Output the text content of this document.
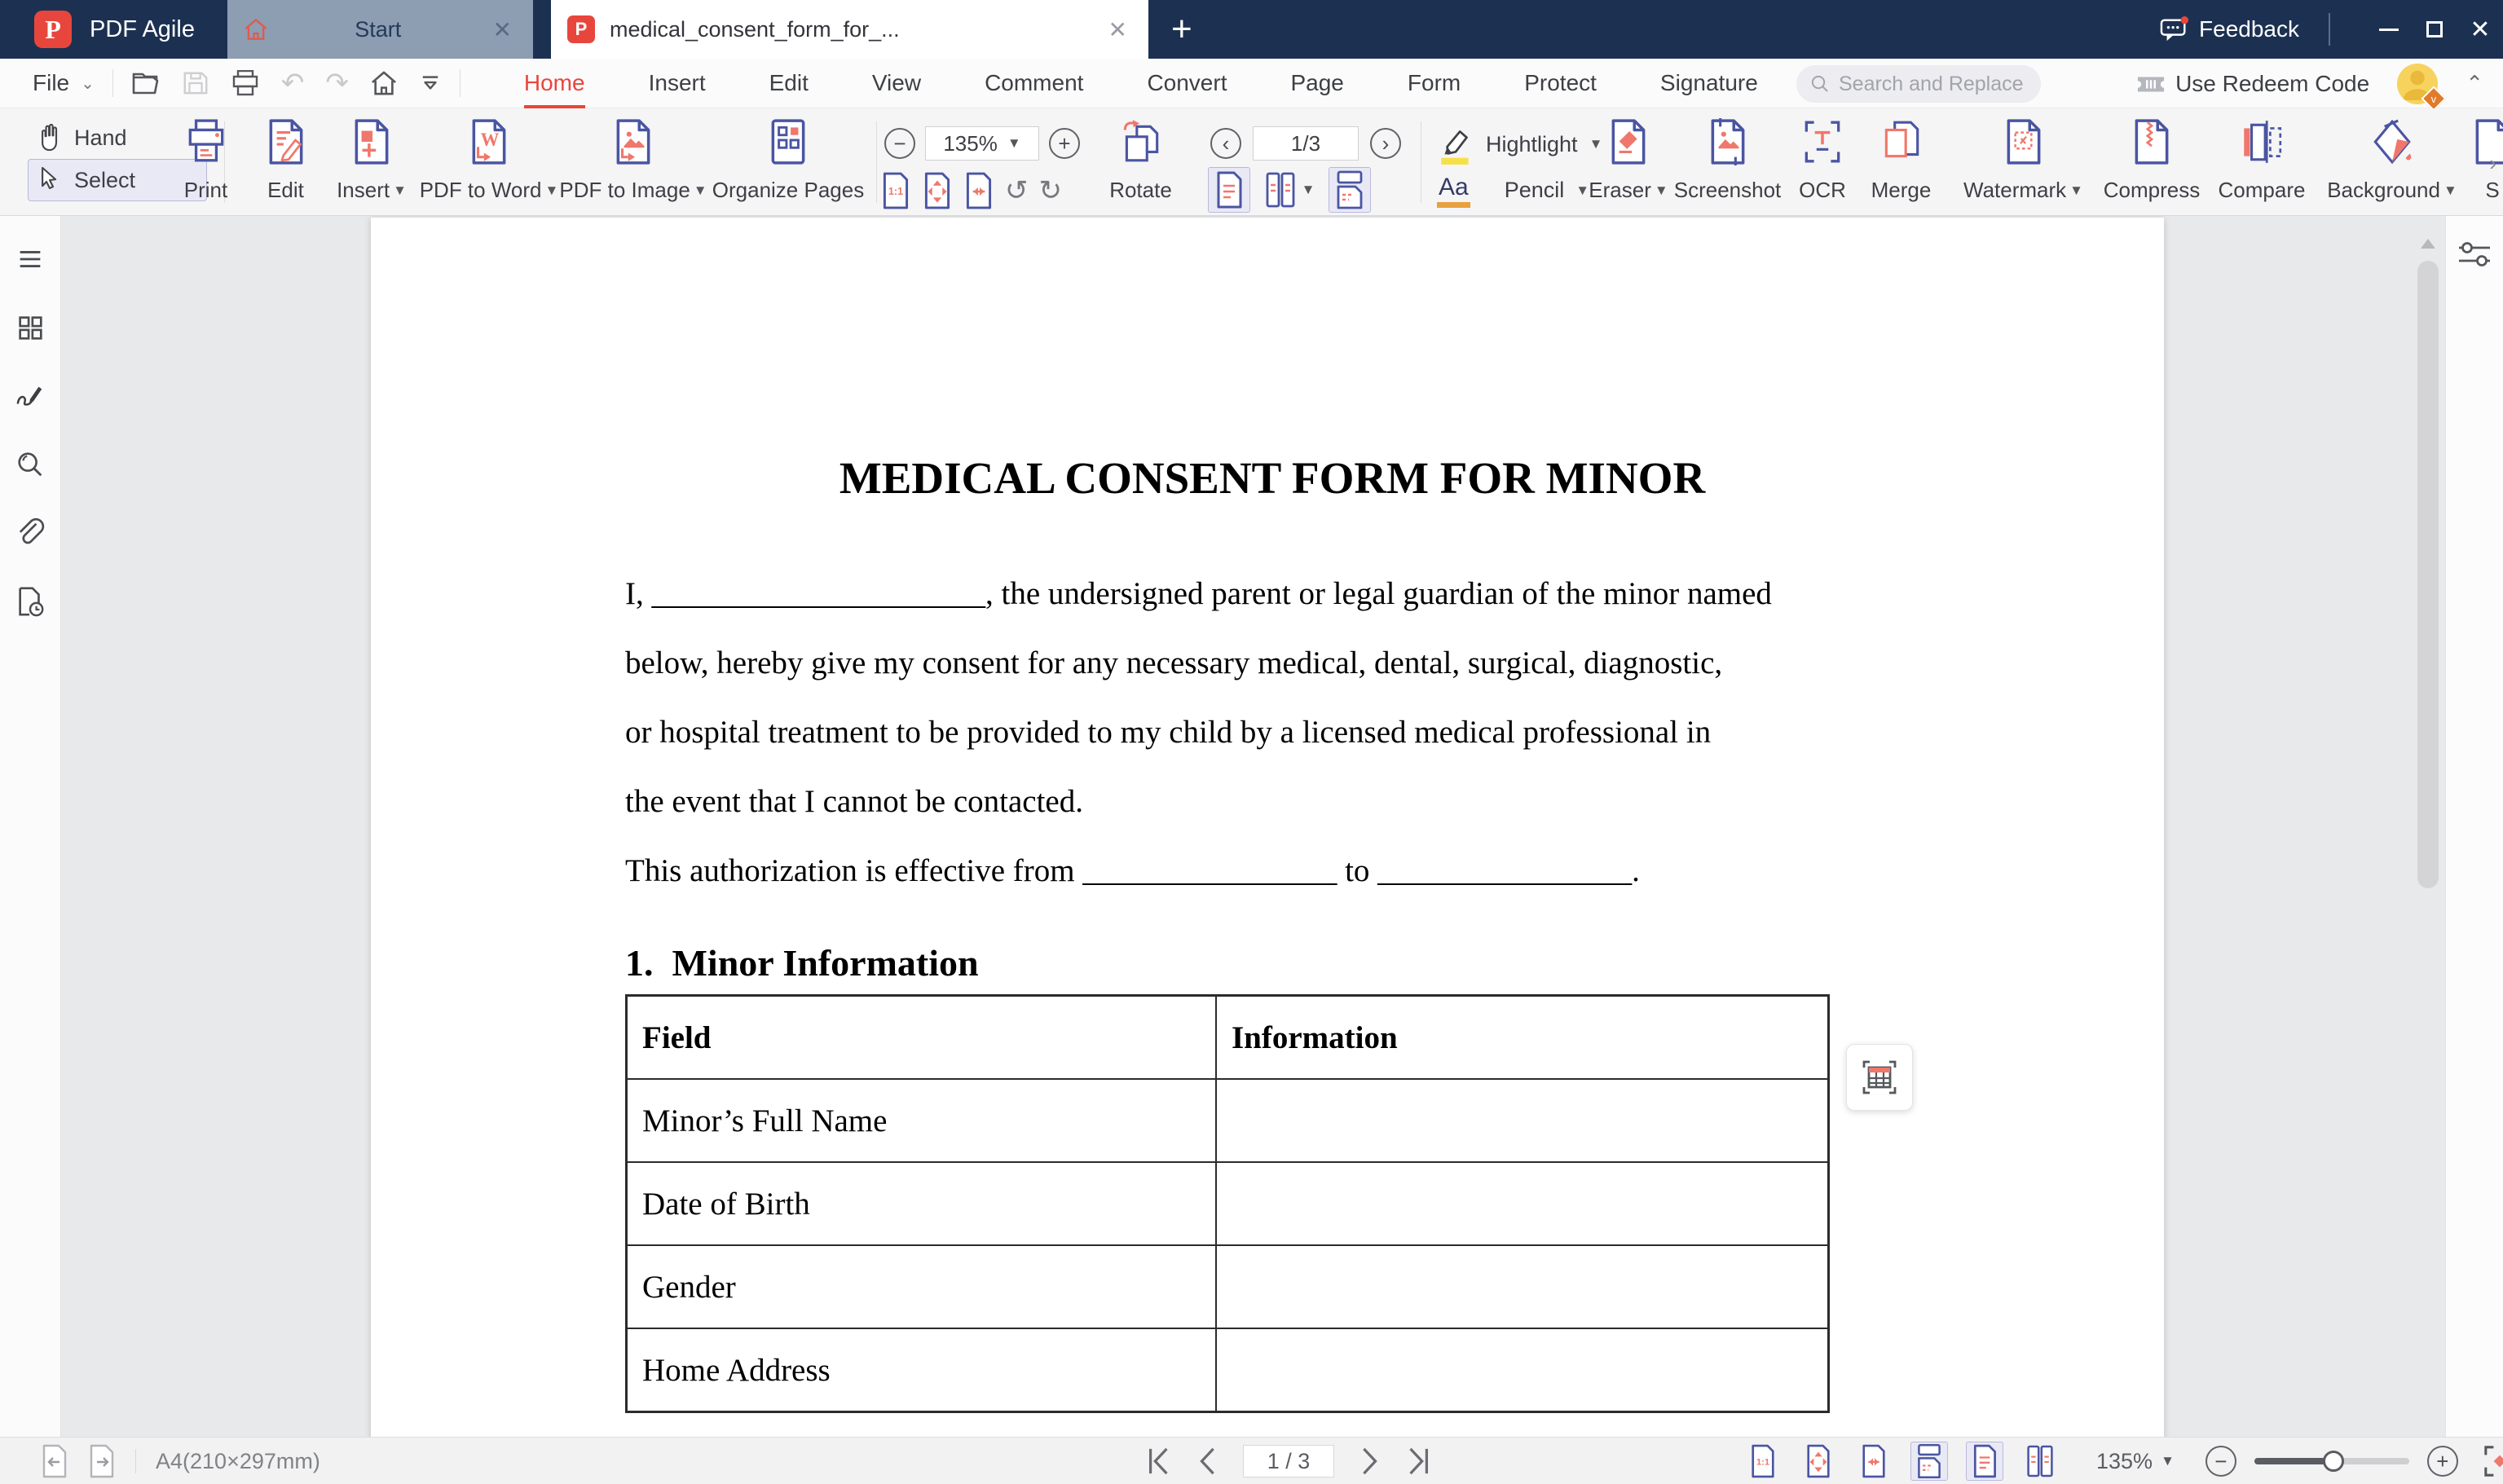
P	PDF Agile	Start	✕	P	medical_consent_form_for_...	✕ +	Feedback	✕
File ⌄	↶ ↷	Home	Insert	Edit	View	Comment	Convert	Page	Form	Protect	Signature
Search and Replace	Use Redeem Code
v
⌃
Hand
Select Print Edit Insert ▼ PDF to Word ▼ PDF to Image ▼ Organize Pages
−	135% ▼	+
↺ ↻ Rotate
‹	1/3	›
▼
Hightlight ▼
Aa Pencil ▼ Eraser ▼ Screenshot OCR Merge Watermark ▼ Compress Compare Background ▼ S
›
MEDICAL CONSENT FORM FOR MINOR
I, _____________________, the undersigned parent or legal guardian of the minor named
below, hereby give my consent for any necessary medical, dental, surgical, diagnostic,
or hospital treatment to be provided to my child by a licensed medical professional in
the event that I cannot be contacted.
This authorization is effective from ________________ to ________________.
1.  Minor Information
Field	Information
Minor’s Full Name
Date of Birth
Gender
Home Address
A4(210×297mm)	1 / 3	135% ▼	−	+
